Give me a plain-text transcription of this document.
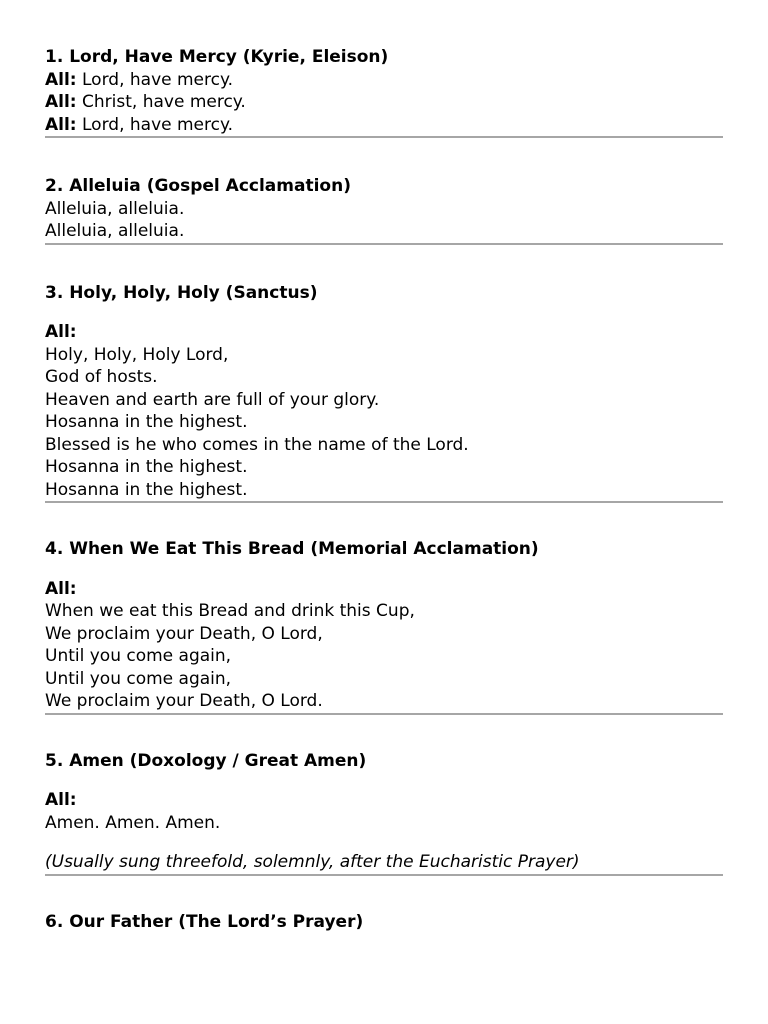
1. Lord, Have Mercy (Kyrie, Eleison)

All: Lord, have mercy.

All: Christ, have mercy.

All: Lord, have mercy.

2. Alleluia (Gospel Acclamation)

Alleluia, alleluia.

Alleluia, alleluia.

3. Holy, Holy, Holy (Sanctus)

All:

Holy, Holy, Holy Lord,

God of hosts.

Heaven and earth are full of your glory.

Hosanna in the highest.

Blessed is he who comes in the name of the Lord.

Hosanna in the highest.

Hosanna in the highest.

4. When We Eat This Bread (Memorial Acclamation)

All:

When we eat this Bread and drink this Cup,

We proclaim your Death, O Lord,

Until you come again,

Until you come again,

We proclaim your Death, O Lord.

5. Amen (Doxology / Great Amen)

All:

Amen. Amen. Amen.

(Usually sung threefold, solemnly, after the Eucharistic Prayer)

6. Our Father (The Lord’s Prayer)
